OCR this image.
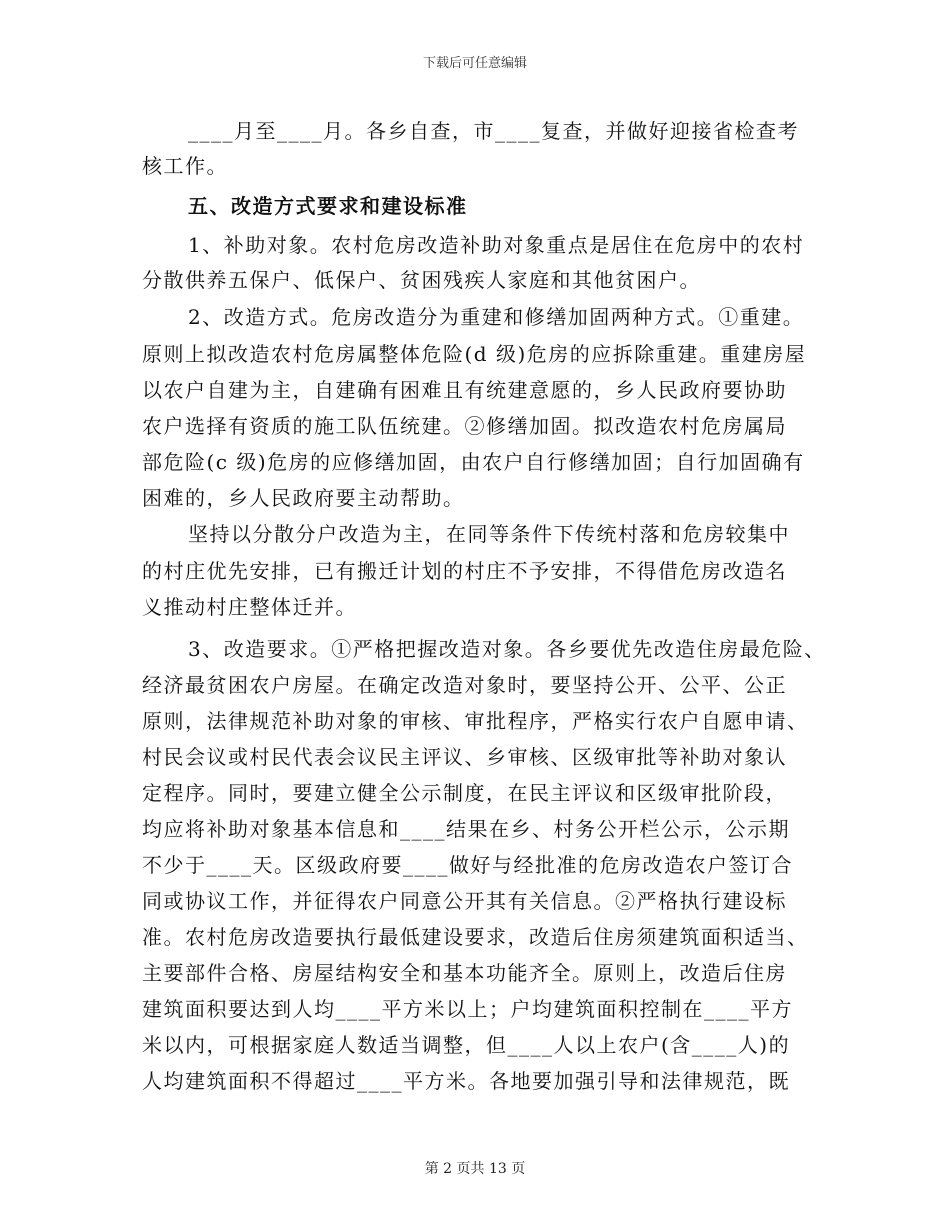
下载后可任意编辑
____月至____月。各乡自查，市____复查，并做好迎接省检查考
核工作。
五、改造方式要求和建设标准
1、补助对象。农村危房改造补助对象重点是居住在危房中的农村
分散供养五保户、低保户、贫困残疾人家庭和其他贫困户。
2、改造方式。危房改造分为重建和修缮加固两种方式。①重建。
原则上拟改造农村危房属整体危险(d 级)危房的应拆除重建。重建房屋
以农户自建为主，自建确有困难且有统建意愿的，乡人民政府要协助
农户选择有资质的施工队伍统建。②修缮加固。拟改造农村危房属局
部危险(c 级)危房的应修缮加固，由农户自行修缮加固；自行加固确有
困难的，乡人民政府要主动帮助。
坚持以分散分户改造为主，在同等条件下传统村落和危房较集中
的村庄优先安排，已有搬迁计划的村庄不予安排，不得借危房改造名
义推动村庄整体迁并。
3、改造要求。①严格把握改造对象。各乡要优先改造住房最危险、
经济最贫困农户房屋。在确定改造对象时，要坚持公开、公平、公正
原则，法律规范补助对象的审核、审批程序，严格实行农户自愿申请、
村民会议或村民代表会议民主评议、乡审核、区级审批等补助对象认
定程序。同时，要建立健全公示制度，在民主评议和区级审批阶段，
均应将补助对象基本信息和____结果在乡、村务公开栏公示，公示期
不少于____天。区级政府要____做好与经批准的危房改造农户签订合
同或协议工作，并征得农户同意公开其有关信息。②严格执行建设标
准。农村危房改造要执行最低建设要求，改造后住房须建筑面积适当、
主要部件合格、房屋结构安全和基本功能齐全。原则上，改造后住房
建筑面积要达到人均____平方米以上；户均建筑面积控制在____平方
米以内，可根据家庭人数适当调整，但____人以上农户(含____人)的
人均建筑面积不得超过____平方米。各地要加强引导和法律规范，既
第 2 页共 13 页
